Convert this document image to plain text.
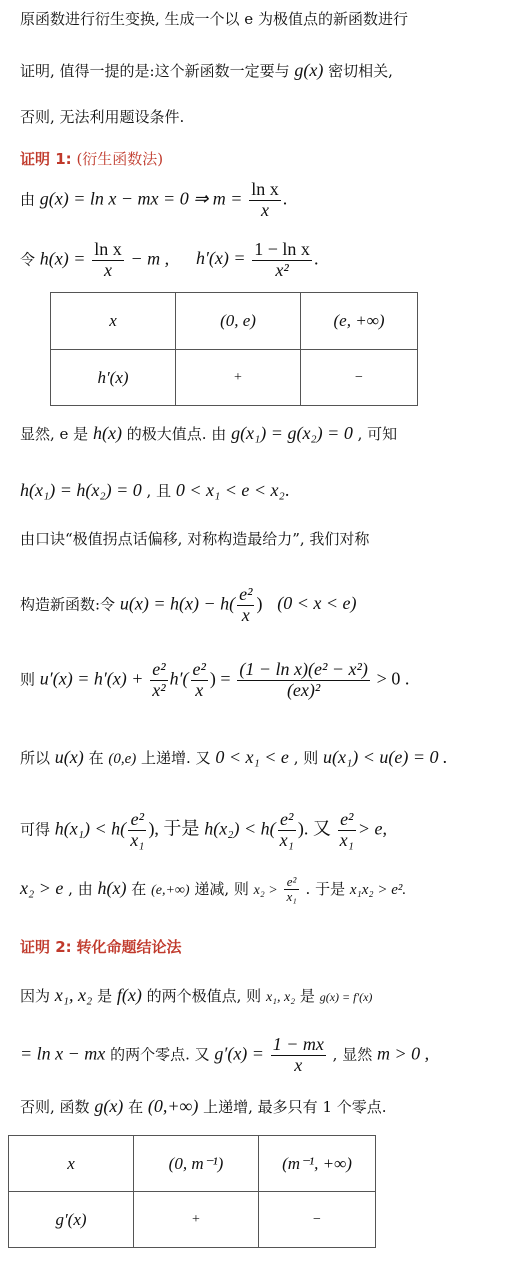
原函数进行衍生变换, 生成一个以 e 为极值点的新函数进行
证明, 值得一提的是:这个新函数一定要与 g(x) 密切相关,
否则, 无法利用题设条件.
证明 1: (衍生函数法)
由 g(x) = ln x − mx = 0 ⇒ $m = \frac{\text{ln x}}{x}$ .
令 $h(x) = \frac{\text{ln x}}{x} - m$ , $h'(x) = \frac{\text{1 − ln x}}{\text{x²}}$ .
x	(0, e)	(e, +∞)
h′(x)	+	−
显然, e 是 h(x) 的极大值点. 由 g(x₁) = g(x₂) = 0 , 可知
h(x₁) = h(x₂) = 0 , 且 0 < x₁ < e < x₂.
由口诀“极值拐点话偏移, 对称构造最给力”, 我们对称
构造新函数:令 $u(x) = h(x) - h( \frac{\text{e²}}{x}$ ) (0 < x < e)
则 $u'(x) = h'(x) + \frac{\text{e²}}{\text{x²}} h'( \frac{\text{e²}}{x}$ ) = $\frac{\text{(1 − ln x)(e² − x²)}}{\text{(ex)²}} > 0$ .
所以 u(x) 在 (0,e) 上递增. 又 0 < x₁ < e , 则 u(x₁) < u(e) = 0 .
可得 $h(x_1) < h( \frac{\text{e²}}{\text{x₁}}$ ), 于是 $h(x_2) < h( \frac{\text{e²}}{\text{x₁}}$ ). 又 $\frac{\text{e²}}{\text{x₁}} > e$,
x₂ > e , 由 h(x) 在 (e,+∞) 递减, 则 $x_2 > \frac{\text{e²}}{\text{x₁}}$ . 于是 x₁x₂ > e².
证明 2: 转化命题结论法
因为 x₁, x₂ 是 f(x) 的两个极值点, 则 x₁, x₂ 是 g(x) = f′(x)
= ln x − mx 的两个零点. 又 $g'(x) = \frac{1 - mx}{x}$ , 显然 m > 0 ,
否则, 函数 g(x) 在 (0,+∞) 上递增, 最多只有 1 个零点.
x	(0, m⁻¹)	(m⁻¹, +∞)
g′(x)	+	−
